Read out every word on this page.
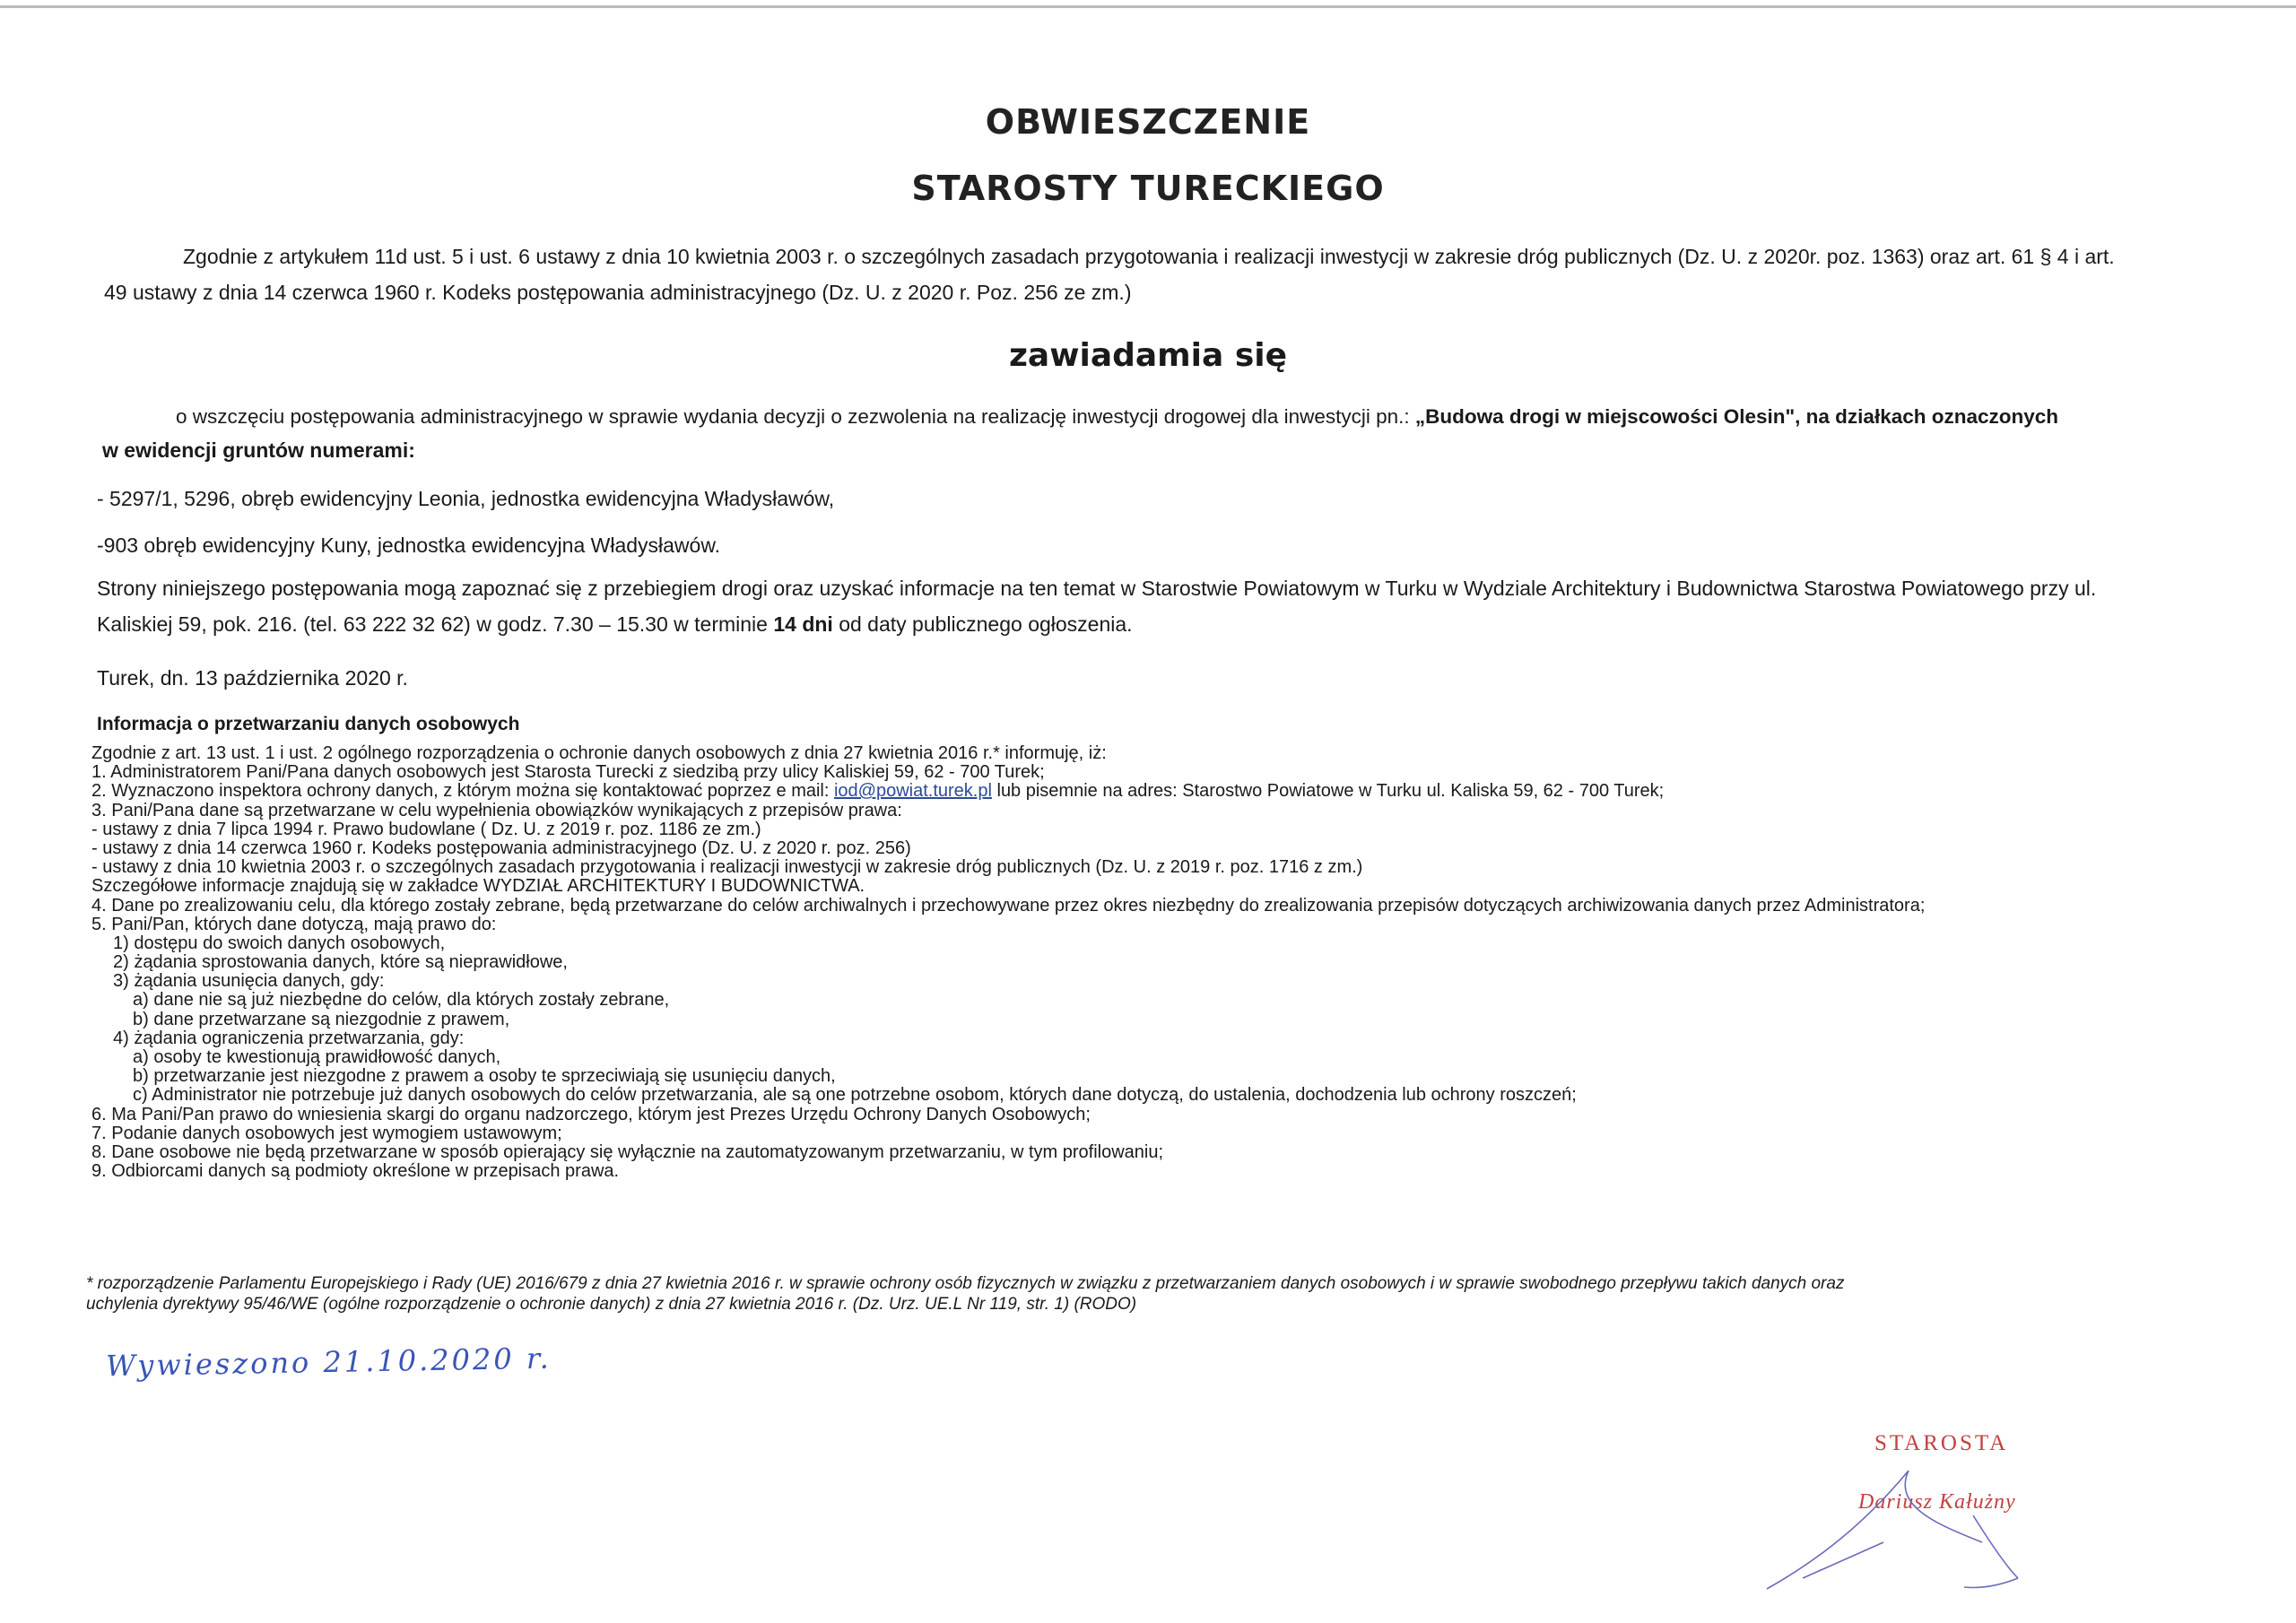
OBWIESZCZENIE
STAROSTY TURECKIEGO
Zgodnie z artykułem 11d ust. 5 i ust. 6 ustawy z dnia 10 kwietnia 2003 r. o szczególnych zasadach przygotowania i realizacji inwestycji w zakresie dróg publicznych (Dz. U. z 2020r. poz. 1363) oraz art. 61 § 4 i art.
49 ustawy z dnia 14 czerwca 1960 r. Kodeks postępowania administracyjnego (Dz. U. z 2020 r. Poz. 256 ze zm.)
zawiadamia się
o wszczęciu postępowania administracyjnego w sprawie wydania decyzji o zezwolenia na realizację inwestycji drogowej dla inwestycji pn.: „Budowa drogi w miejscowości Olesin", na działkach oznaczonych
w ewidencji gruntów numerami:
- 5297/1, 5296, obręb ewidencyjny Leonia, jednostka ewidencyjna Władysławów,
-903 obręb ewidencyjny Kuny, jednostka ewidencyjna Władysławów.
Strony niniejszego postępowania mogą zapoznać się z przebiegiem drogi oraz uzyskać informacje na ten temat w Starostwie Powiatowym w Turku w Wydziale Architektury i Budownictwa Starostwa Powiatowego przy ul.
Kaliskiej 59, pok. 216. (tel. 63 222 32 62) w godz. 7.30 – 15.30 w terminie 14 dni od daty publicznego ogłoszenia.
Turek, dn. 13 października 2020 r.
Informacja o przetwarzaniu danych osobowych
Zgodnie z art. 13 ust. 1 i ust. 2 ogólnego rozporządzenia o ochronie danych osobowych z dnia 27 kwietnia 2016 r.* informuję, iż:
1. Administratorem Pani/Pana danych osobowych jest Starosta Turecki z siedzibą przy ulicy Kaliskiej 59, 62 - 700 Turek;
2. Wyznaczono inspektora ochrony danych, z którym można się kontaktować poprzez e mail: iod@powiat.turek.pl lub pisemnie na adres: Starostwo Powiatowe w Turku ul. Kaliska 59, 62 - 700 Turek;
3. Pani/Pana dane są przetwarzane w celu wypełnienia obowiązków wynikających z przepisów prawa:
- ustawy z dnia 7 lipca 1994 r. Prawo budowlane ( Dz. U. z 2019 r. poz. 1186 ze zm.)
- ustawy z dnia 14 czerwca 1960 r. Kodeks postępowania administracyjnego (Dz. U. z 2020 r. poz. 256)
- ustawy z dnia 10 kwietnia 2003 r. o szczególnych zasadach przygotowania i realizacji inwestycji w zakresie dróg publicznych (Dz. U. z 2019 r. poz. 1716 z zm.)
Szczegółowe informacje znajdują się w zakładce WYDZIAŁ ARCHITEKTURY I BUDOWNICTWA.
4. Dane po zrealizowaniu celu, dla którego zostały zebrane, będą przetwarzane do celów archiwalnych i przechowywane przez okres niezbędny do zrealizowania przepisów dotyczących archiwizowania danych przez Administratora;
5. Pani/Pan, których dane dotyczą, mają prawo do:
1) dostępu do swoich danych osobowych,
2) żądania sprostowania danych, które są nieprawidłowe,
3) żądania usunięcia danych, gdy:
a) dane nie są już niezbędne do celów, dla których zostały zebrane,
b) dane przetwarzane są niezgodnie z prawem,
4) żądania ograniczenia przetwarzania, gdy:
a) osoby te kwestionują prawidłowość danych,
b) przetwarzanie jest niezgodne z prawem a osoby te sprzeciwiają się usunięciu danych,
c) Administrator nie potrzebuje już danych osobowych do celów przetwarzania, ale są one potrzebne osobom, których dane dotyczą, do ustalenia, dochodzenia lub ochrony roszczeń;
6. Ma Pani/Pan prawo do wniesienia skargi do organu nadzorczego, którym jest Prezes Urzędu Ochrony Danych Osobowych;
7. Podanie danych osobowych jest wymogiem ustawowym;
8. Dane osobowe nie będą przetwarzane w sposób opierający się wyłącznie na zautomatyzowanym przetwarzaniu, w tym profilowaniu;
9. Odbiorcami danych są podmioty określone w przepisach prawa.
* rozporządzenie Parlamentu Europejskiego i Rady (UE) 2016/679 z dnia 27 kwietnia 2016 r. w sprawie ochrony osób fizycznych w związku z przetwarzaniem danych osobowych i w sprawie swobodnego przepływu takich danych oraz
uchylenia dyrektywy 95/46/WE (ogólne rozporządzenie o ochronie danych) z dnia 27 kwietnia 2016 r. (Dz. Urz. UE.L Nr 119, str. 1) (RODO)
Wywieszono 21.10.2020 r.
STAROSTA
Dariusz Kałużny
